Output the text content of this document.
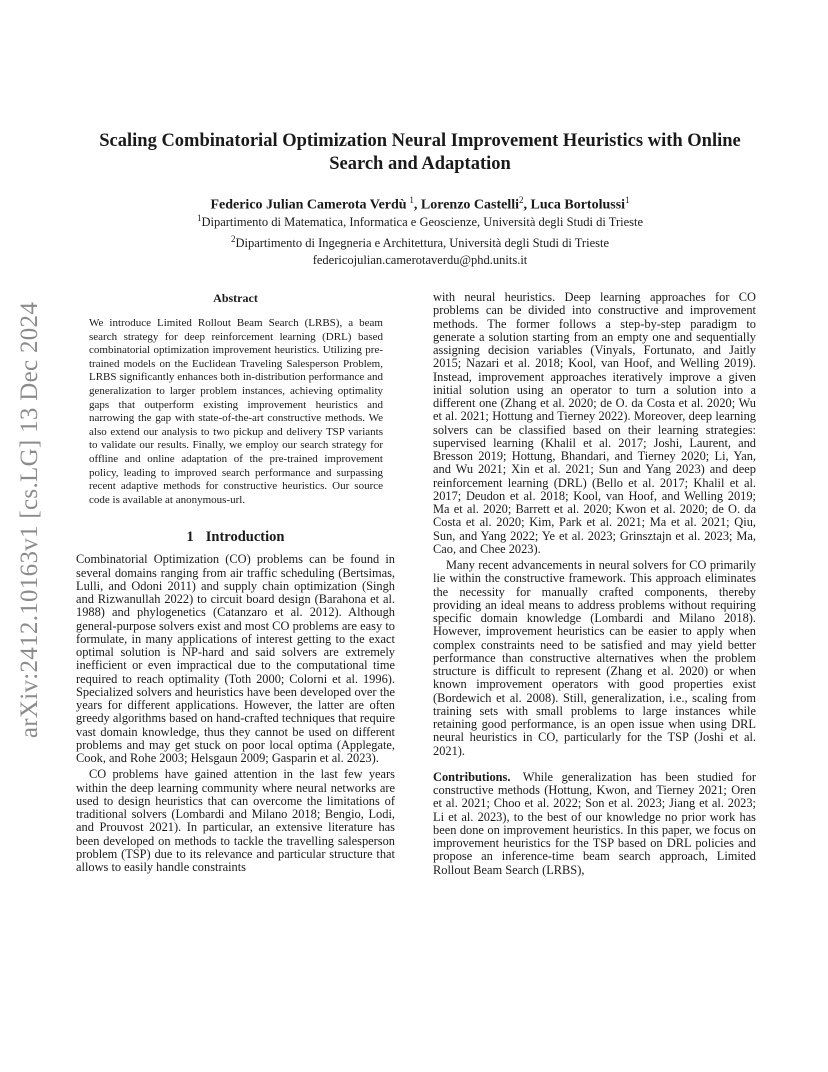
arXiv:2412.10163v1 [cs.LG] 13 Dec 2024
Scaling Combinatorial Optimization Neural Improvement Heuristics with Online Search and Adaptation
Federico Julian Camerota Verdù  $^1$, Lorenzo Castelli$^2$, Luca Bortolussi$^1$
$^1$Dipartimento di Matematica, Informatica e Geoscienze, Università degli Studi di Trieste
$^2$Dipartimento di Ingegneria e Architettura, Università degli Studi di Trieste
federicojulian.camerotaverdu@phd.units.it
Abstract

We introduce Limited Rollout Beam Search (LRBS), a beam search strategy for deep reinforcement learning (DRL) based combinatorial optimization improvement heuristics. Utilizing pre-trained models on the Euclidean Traveling Salesperson Problem, LRBS significantly enhances both in-distribution performance and generalization to larger problem instances, achieving optimality gaps that outperform existing improvement heuristics and narrowing the gap with state-of-the-art constructive methods. We also extend our analysis to two pickup and delivery TSP variants to validate our results. Finally, we employ our search strategy for offline and online adaptation of the pre-trained improvement policy, leading to improved search performance and surpassing recent adaptive methods for constructive heuristics. Our source code is available at anonymous-url.

1 Introduction

Combinatorial Optimization (CO) problems can be found in several domains ranging from air traffic scheduling (Bertsimas, Lulli, and Odoni 2011) and supply chain optimization (Singh and Rizwanullah 2022) to circuit board design (Barahona et al. 1988) and phylogenetics (Catanzaro et al. 2012). Although general-purpose solvers exist and most CO problems are easy to formulate, in many applications of interest getting to the exact optimal solution is NP-hard and said solvers are extremely inefficient or even impractical due to the computational time required to reach optimality (Toth 2000; Colorni et al. 1996). Specialized solvers and heuristics have been developed over the years for different applications. However, the latter are often greedy algorithms based on hand-crafted techniques that require vast domain knowledge, thus they cannot be used on different problems and may get stuck on poor local optima (Applegate, Cook, and Rohe 2003; Helsgaun 2009; Gasparin et al. 2023).

CO problems have gained attention in the last few years within the deep learning community where neural networks are used to design heuristics that can overcome the limitations of traditional solvers (Lombardi and Milano 2018; Bengio, Lodi, and Prouvost 2021). In particular, an extensive literature has been developed on methods to tackle the travelling salesperson problem (TSP) due to its relevance and particular structure that allows to easily handle constraints

with neural heuristics. Deep learning approaches for CO problems can be divided into constructive and improvement methods. The former follows a step-by-step paradigm to generate a solution starting from an empty one and sequentially assigning decision variables (Vinyals, Fortunato, and Jaitly 2015; Nazari et al. 2018; Kool, van Hoof, and Welling 2019). Instead, improvement approaches iteratively improve a given initial solution using an operator to turn a solution into a different one (Zhang et al. 2020; de O. da Costa et al. 2020; Wu et al. 2021; Hottung and Tierney 2022). Moreover, deep learning solvers can be classified based on their learning strategies: supervised learning (Khalil et al. 2017; Joshi, Laurent, and Bresson 2019; Hottung, Bhandari, and Tierney 2020; Li, Yan, and Wu 2021; Xin et al. 2021; Sun and Yang 2023) and deep reinforcement learning (DRL) (Bello et al. 2017; Khalil et al. 2017; Deudon et al. 2018; Kool, van Hoof, and Welling 2019; Ma et al. 2020; Barrett et al. 2020; Kwon et al. 2020; de O. da Costa et al. 2020; Kim, Park et al. 2021; Ma et al. 2021; Qiu, Sun, and Yang 2022; Ye et al. 2023; Grinsztajn et al. 2023; Ma, Cao, and Chee 2023).

Many recent advancements in neural solvers for CO primarily lie within the constructive framework. This approach eliminates the necessity for manually crafted components, thereby providing an ideal means to address problems without requiring specific domain knowledge (Lombardi and Milano 2018). However, improvement heuristics can be easier to apply when complex constraints need to be satisfied and may yield better performance than constructive alternatives when the problem structure is difficult to represent (Zhang et al. 2020) or when known improvement operators with good properties exist (Bordewich et al. 2008). Still, generalization, i.e., scaling from training sets with small problems to large instances while retaining good performance, is an open issue when using DRL neural heuristics in CO, particularly for the TSP (Joshi et al. 2021).

Contributions. While generalization has been studied for constructive methods (Hottung, Kwon, and Tierney 2021; Oren et al. 2021; Choo et al. 2022; Son et al. 2023; Jiang et al. 2023; Li et al. 2023), to the best of our knowledge no prior work has been done on improvement heuristics. In this paper, we focus on improvement heuristics for the TSP based on DRL policies and propose an inference-time beam search approach, Limited Rollout Beam Search (LRBS),
